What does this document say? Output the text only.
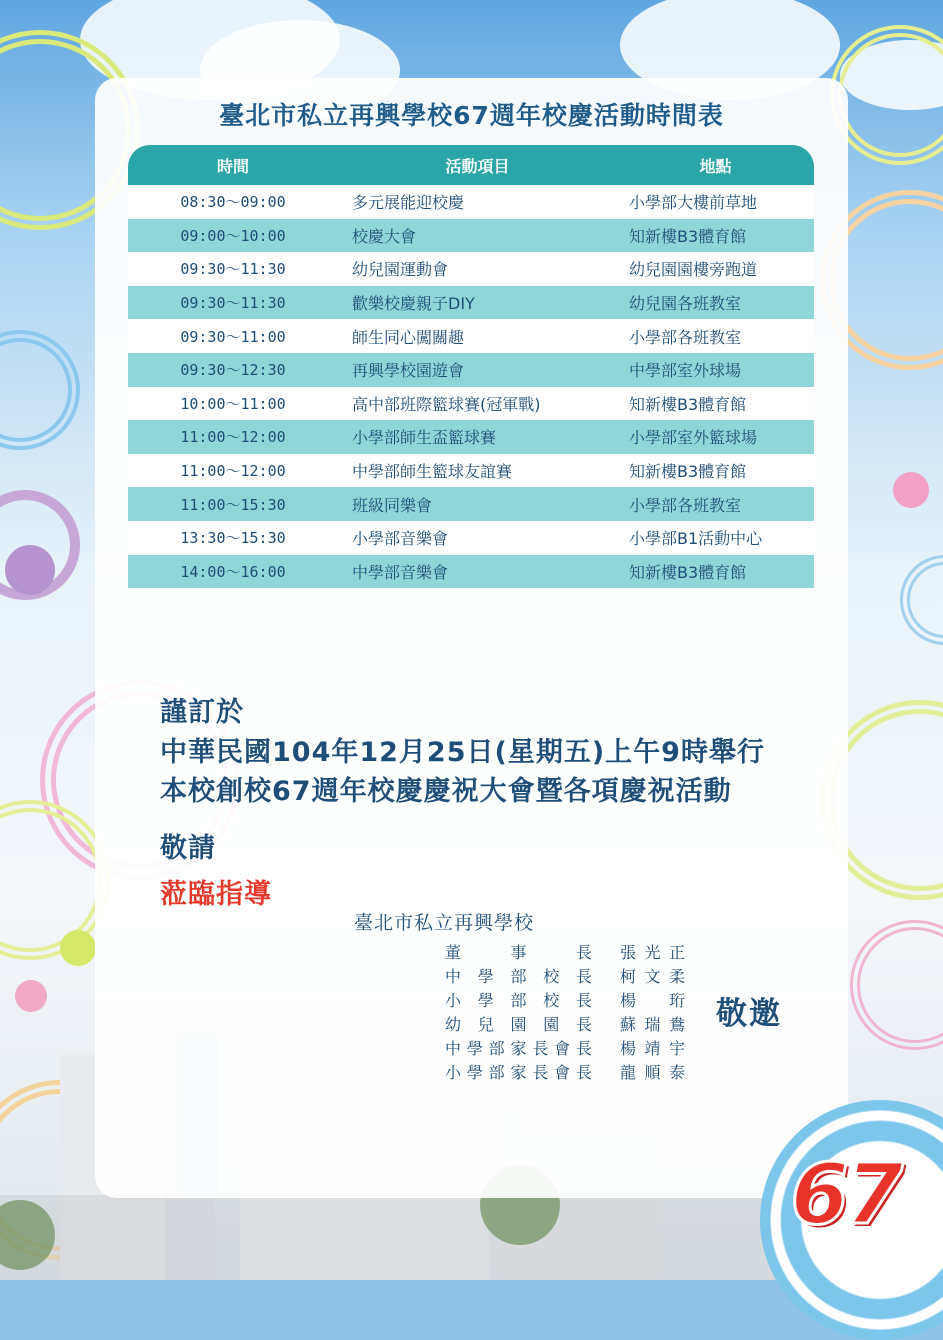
臺北市私立再興學校67週年校慶活動時間表
時間	活動項目	地點
08:30～09:00	多元展能迎校慶	小學部大樓前草地
09:00～10:00	校慶大會	知新樓B3體育館
09:30～11:30	幼兒園運動會	幼兒園園樓旁跑道
09:30～11:30	歡樂校慶親子DIY	幼兒園各班教室
09:30～11:00	師生同心闖關趣	小學部各班教室
09:30～12:30	再興學校園遊會	中學部室外球場
10:00～11:00	高中部班際籃球賽(冠軍戰)	知新樓B3體育館
11:00～12:00	小學部師生盃籃球賽	小學部室外籃球場
11:00～12:00	中學部師生籃球友誼賽	知新樓B3體育館
11:00～15:30	班級同樂會	小學部各班教室
13:30～15:30	小學部音樂會	小學部B1活動中心
14:00～16:00	中學部音樂會	知新樓B3體育館
謹訂於
中華民國104年12月25日(星期五)上午9時舉行
本校創校67週年校慶慶祝大會暨各項慶祝活動
敬請
蒞臨指導
臺北市私立再興學校
董	事	長 張 光 正
中 學 部 校 長 柯 文 柔
小 學 部 校 長 楊 珩
幼 兒 園 園 長 蘇 瑞 鴦
中 學 部 家 長 會 長 楊 靖 宇
小 學 部 家 長 會 長 龍 順 泰
敬邀
67
